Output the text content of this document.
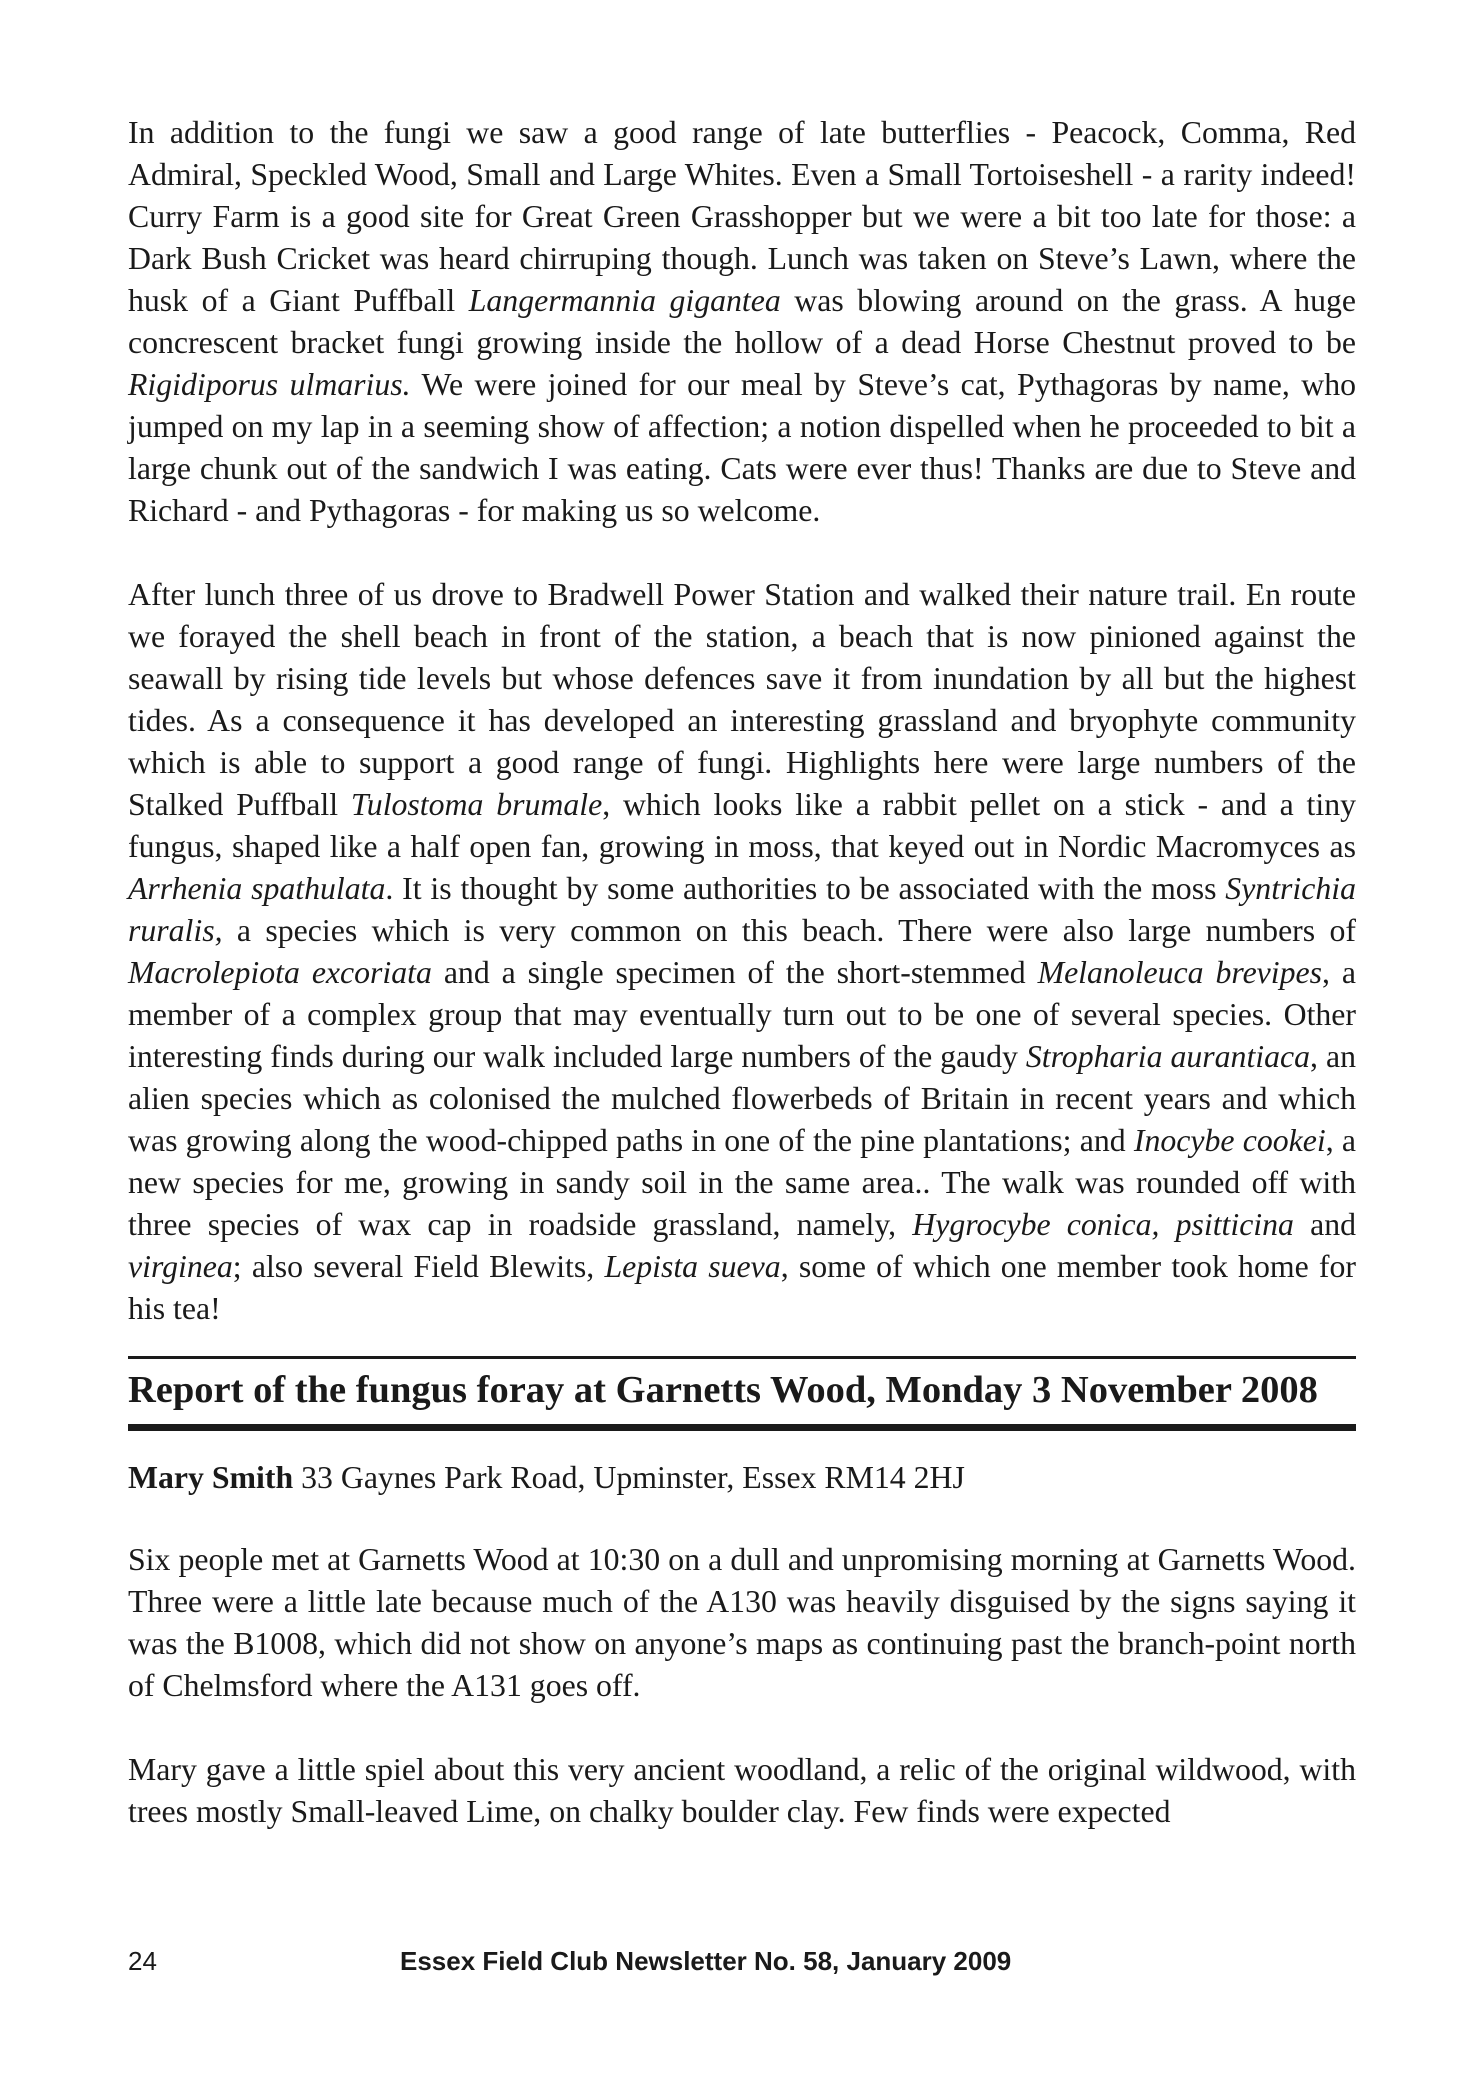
In addition to the fungi we saw a good range of late butterflies - Peacock, Comma, Red Admiral, Speckled Wood, Small and Large Whites. Even a Small Tortoiseshell - a rarity indeed! Curry Farm is a good site for Great Green Grasshopper but we were a bit too late for those: a Dark Bush Cricket was heard chirruping though. Lunch was taken on Steve’s Lawn, where the husk of a Giant Puffball Langermannia gigantea was blowing around on the grass. A huge concrescent bracket fungi growing inside the hollow of a dead Horse Chestnut proved to be Rigidiporus ulmarius. We were joined for our meal by Steve’s cat, Pythagoras by name, who jumped on my lap in a seeming show of affection; a notion dispelled when he proceeded to bit a large chunk out of the sandwich I was eating. Cats were ever thus! Thanks are due to Steve and Richard - and Pythagoras - for making us so welcome.

After lunch three of us drove to Bradwell Power Station and walked their nature trail. En route we forayed the shell beach in front of the station, a beach that is now pinioned against the seawall by rising tide levels but whose defences save it from inundation by all but the highest tides. As a consequence it has developed an interesting grassland and bryophyte community which is able to support a good range of fungi. Highlights here were large numbers of the Stalked Puffball Tulostoma brumale, which looks like a rabbit pellet on a stick - and a tiny fungus, shaped like a half open fan, growing in moss, that keyed out in Nordic Macromyces as Arrhenia spathulata. It is thought by some authorities to be associated with the moss Syntrichia ruralis, a species which is very common on this beach. There were also large numbers of Macrolepiota excoriata and a single specimen of the short-stemmed Melanoleuca brevipes, a member of a complex group that may eventually turn out to be one of several species. Other interesting finds during our walk included large numbers of the gaudy Stropharia aurantiaca, an alien species which as colonised the mulched flowerbeds of Britain in recent years and which was growing along the wood-chipped paths in one of the pine plantations; and Inocybe cookei, a new species for me, growing in sandy soil in the same area.. The walk was rounded off with three species of wax cap in roadside grassland, namely, Hygrocybe conica, psitticina and virginea; also several Field Blewits, Lepista sueva, some of which one member took home for his tea!

Report of the fungus foray at Garnetts Wood, Monday 3 November 2008

Mary Smith 33 Gaynes Park Road, Upminster, Essex RM14 2HJ

Six people met at Garnetts Wood at 10:30 on a dull and unpromising morning at Garnetts Wood. Three were a little late because much of the A130 was heavily disguised by the signs saying it was the B1008, which did not show on anyone’s maps as continuing past the branch-point north of Chelmsford where the A131 goes off.

Mary gave a little spiel about this very ancient woodland, a relic of the original wildwood, with trees mostly Small-leaved Lime, on chalky boulder clay. Few finds were expected

24	Essex Field Club Newsletter No. 58, January 2009
